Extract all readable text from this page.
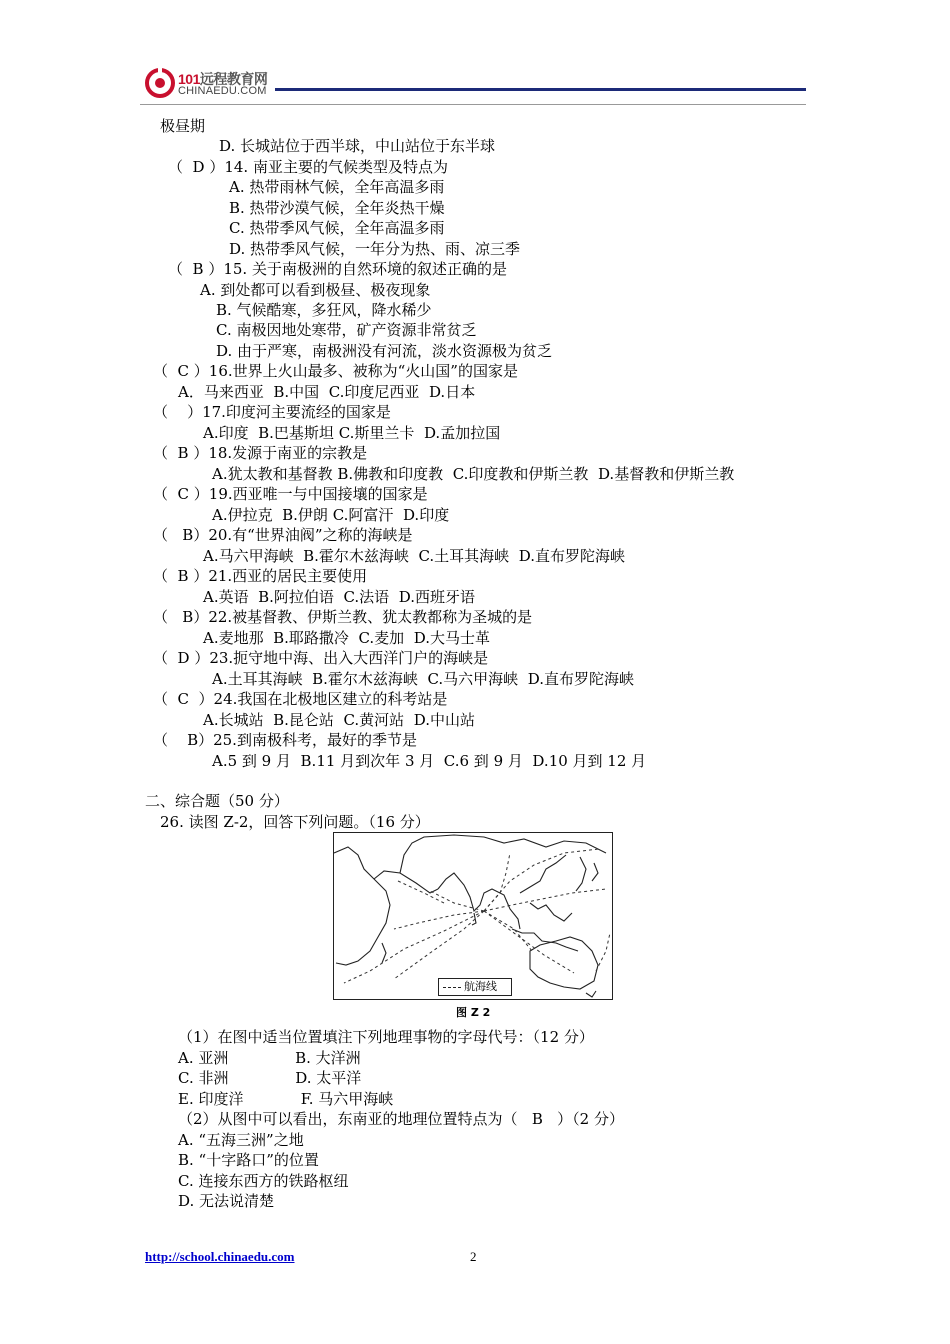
101远程教育网
CHINAEDU.COM
极昼期
D. 长城站位于西半球，中山站位于东半球
（  D ）14. 南亚主要的气候类型及特点为
A. 热带雨林气候，全年高温多雨
B. 热带沙漠气候，全年炎热干燥
C. 热带季风气候，全年高温多雨
D. 热带季风气候，一年分为热、雨、凉三季
（  B ）15. 关于南极洲的自然环境的叙述正确的是
A. 到处都可以看到极昼、极夜现象
B. 气候酷寒，多狂风，降水稀少
C. 南极因地处寒带，矿产资源非常贫乏
D. 由于严寒，南极洲没有河流，淡水资源极为贫乏
（  C ）16.世界上火山最多、被称为“火山国”的国家是
A．马来西亚  B.中国  C.印度尼西亚  D.日本
（    ）17.印度河主要流经的国家是
A.印度  B.巴基斯坦 C.斯里兰卡  D.孟加拉国
（  B ）18.发源于南亚的宗教是
A.犹太教和基督教 B.佛教和印度教  C.印度教和伊斯兰教  D.基督教和伊斯兰教
（  C ）19.西亚唯一与中国接壤的国家是
A.伊拉克  B.伊朗 C.阿富汗  D.印度
（   B）20.有“世界油阀”之称的海峡是
A.马六甲海峡  B.霍尔木兹海峡  C.土耳其海峡  D.直布罗陀海峡
（  B ）21.西亚的居民主要使用
A.英语  B.阿拉伯语  C.法语  D.西班牙语
（   B）22.被基督教、伊斯兰教、犹太教都称为圣城的是
A.麦地那  B.耶路撒冷  C.麦加  D.大马士革
（  D ）23.扼守地中海、出入大西洋门户的海峡是
A.土耳其海峡  B.霍尔木兹海峡  C.马六甲海峡  D.直布罗陀海峡
（  C  ）24.我国在北极地区建立的科考站是
A.长城站  B.昆仑站  C.黄河站  D.中山站
（    B）25.到南极科考，最好的季节是
A.5 到 9 月  B.11 月到次年 3 月  C.6 到 9 月  D.10 月到 12 月
二、综合题（50 分）
26. 读图 Z-2，回答下列问题。（16 分）
航海线
图 Z 2
（1）在图中适当位置填注下列地理事物的字母代号：（12 分）
A. 亚洲              B. 大洋洲
C. 非洲              D. 太平洋
E. 印度洋            F. 马六甲海峡
（2）从图中可以看出，东南亚的地理位置特点为（   B   ）（2 分）
A. “五海三洲”之地
B. “十字路口”的位置
C. 连接东西方的铁路枢纽
D. 无法说清楚
http://school.chinaedu.com	2
